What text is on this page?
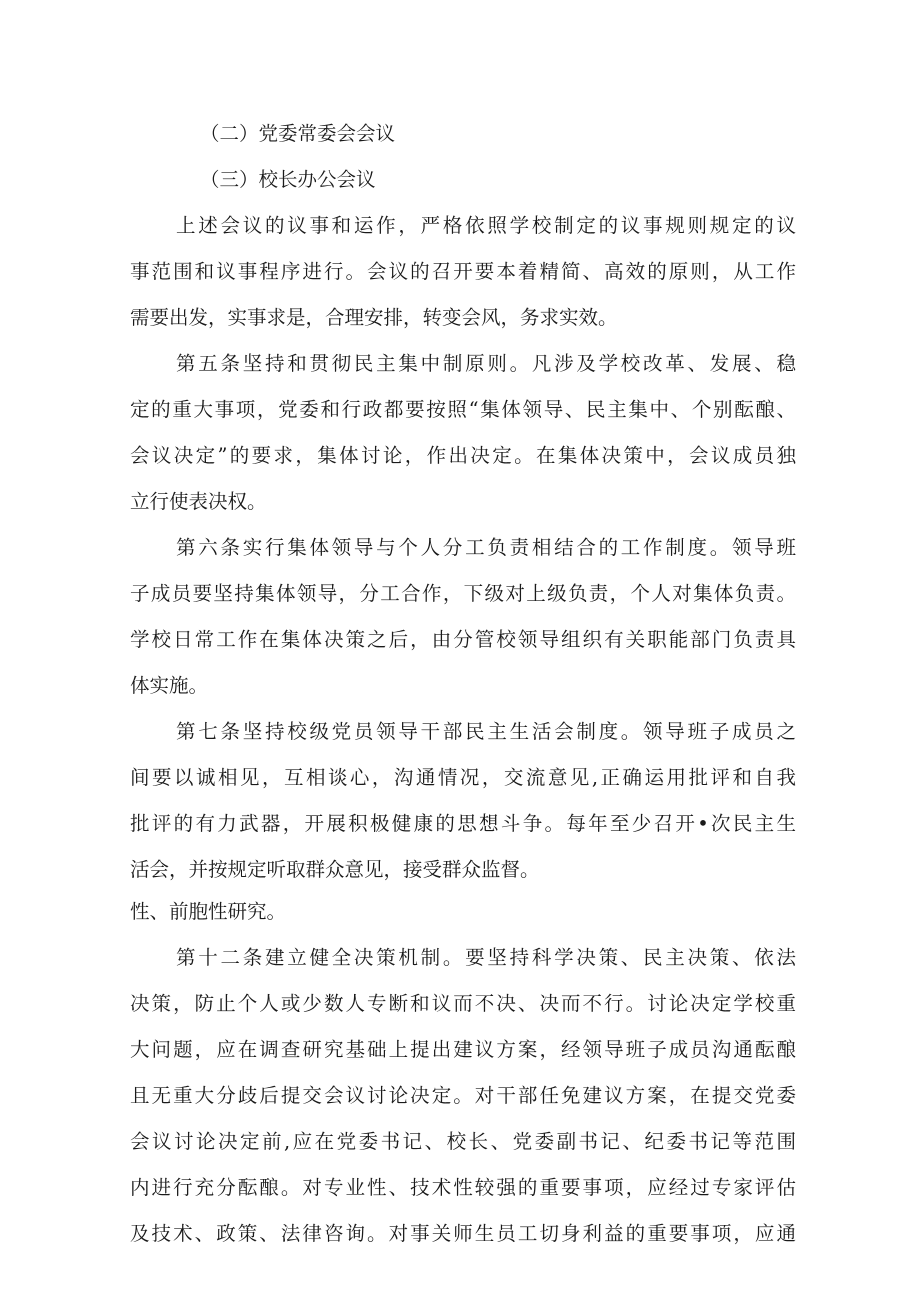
（二）党委常委会会议
（三）校长办公会议
上述会议的议事和运作，严格依照学校制定的议事规则规定的议
事范围和议事程序进行。会议的召开要本着精简、高效的原则，从工作
需要出发，实事求是，合理安排，转变会风，务求实效。
第五条坚持和贯彻民主集中制原则。凡涉及学校改革、发展、稳
定的重大事项，党委和行政都要按照“集体领导、民主集中、个别酝酿、
会议决定”的要求，集体讨论，作出决定。在集体决策中，会议成员独
立行使表决权。
第六条实行集体领导与个人分工负责相结合的工作制度。领导班
子成员要坚持集体领导，分工合作，下级对上级负责，个人对集体负责。
学校日常工作在集体决策之后，由分管校领导组织有关职能部门负责具
体实施。
第七条坚持校级党员领导干部民主生活会制度。领导班子成员之
间要以诚相见，互相谈心，沟通情况，交流意见,正确运用批评和自我
批评的有力武器，开展积极健康的思想斗争。每年至少召开•次民主生
活会，并按规定听取群众意见，接受群众监督。
性、前胞性研究。
第十二条建立健全决策机制。要坚持科学决策、民主决策、依法
决策，防止个人或少数人专断和议而不决、决而不行。讨论决定学校重
大问题，应在调查研究基础上提出建议方案，经领导班子成员沟通酝酿
且无重大分歧后提交会议讨论决定。对干部任免建议方案，在提交党委
会议讨论决定前,应在党委书记、校长、党委副书记、纪委书记等范围
内进行充分酝酿。对专业性、技术性较强的重要事项，应经过专家评估
及技术、政策、法律咨询。对事关师生员工切身利益的重要事项，应通
